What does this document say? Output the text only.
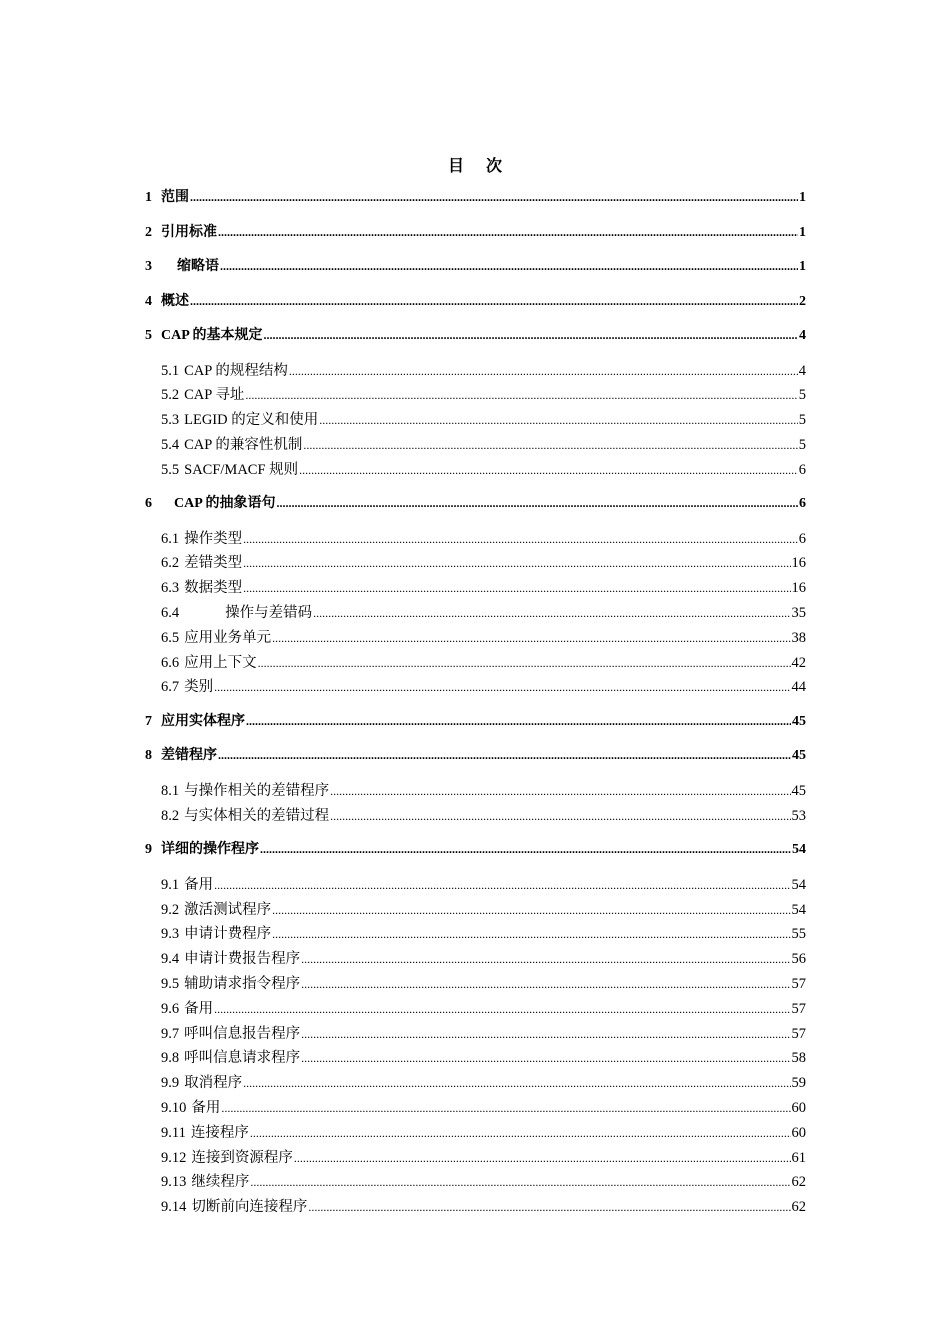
目 次
1 范围 .....	1
2 引用标准 .....	1
3 缩略语 .....	1
4 概述 .....	2
5 CAP 的基本规定 .....	4
5.1 CAP 的规程结构 .....	4
5.2 CAP 寻址 .....	5
5.3 LEGID 的定义和使用 .....	5
5.4 CAP 的兼容性机制 .....	5
5.5 SACF/MACF 规则 .....	6
6 CAP 的抽象语句 .....	6
6.1 操作类型 .....	6
6.2 差错类型 .....	16
6.3 数据类型 .....	16
6.4	操作与差错码 .....	35
6.5 应用业务单元 .....	38
6.6 应用上下文 .....	42
6.7 类别 .....	44
7 应用实体程序 .....	45
8 差错程序 .....	45
8.1 与操作相关的差错程序 .....	45
8.2 与实体相关的差错过程 .....	53
9 详细的操作程序 .....	54
9.1 备用 .....	54
9.2 激活测试程序 .....	54
9.3 申请计费程序 .....	55
9.4 申请计费报告程序 .....	56
9.5 辅助请求指令程序 .....	57
9.6 备用 .....	57
9.7 呼叫信息报告程序 .....	57
9.8 呼叫信息请求程序 .....	58
9.9 取消程序 .....	59
9.10 备用 .....	60
9.11 连接程序 .....	60
9.12 连接到资源程序 .....	61
9.13 继续程序 .....	62
9.14 切断前向连接程序 .....	62
